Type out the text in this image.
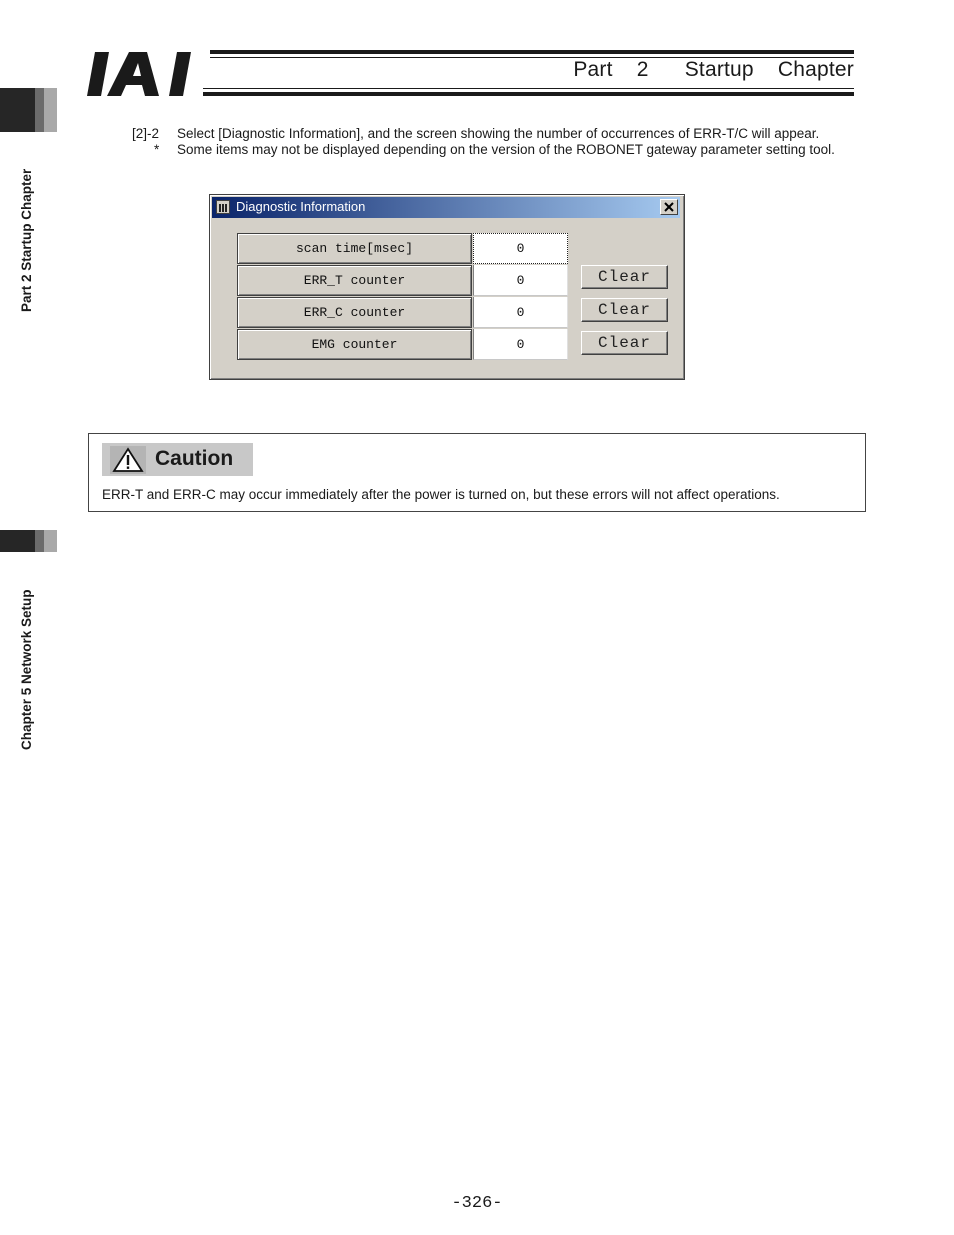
Part  2   Startup  Chapter
Part 2 Startup Chapter
Chapter 5 Network Setup
[2]-2 Select [Diagnostic Information], and the screen showing the number of occurrences of ERR-T/C will appear.
* Some items may not be displayed depending on the version of the ROBONET gateway parameter setting tool.
Diagnostic Information
scan time[msec]	0
ERR_T counter	0	Clear
ERR_C counter	0	Clear
EMG counter	0	Clear
Caution
ERR-T and ERR-C may occur immediately after the power is turned on, but these errors will not affect operations.
-326-
